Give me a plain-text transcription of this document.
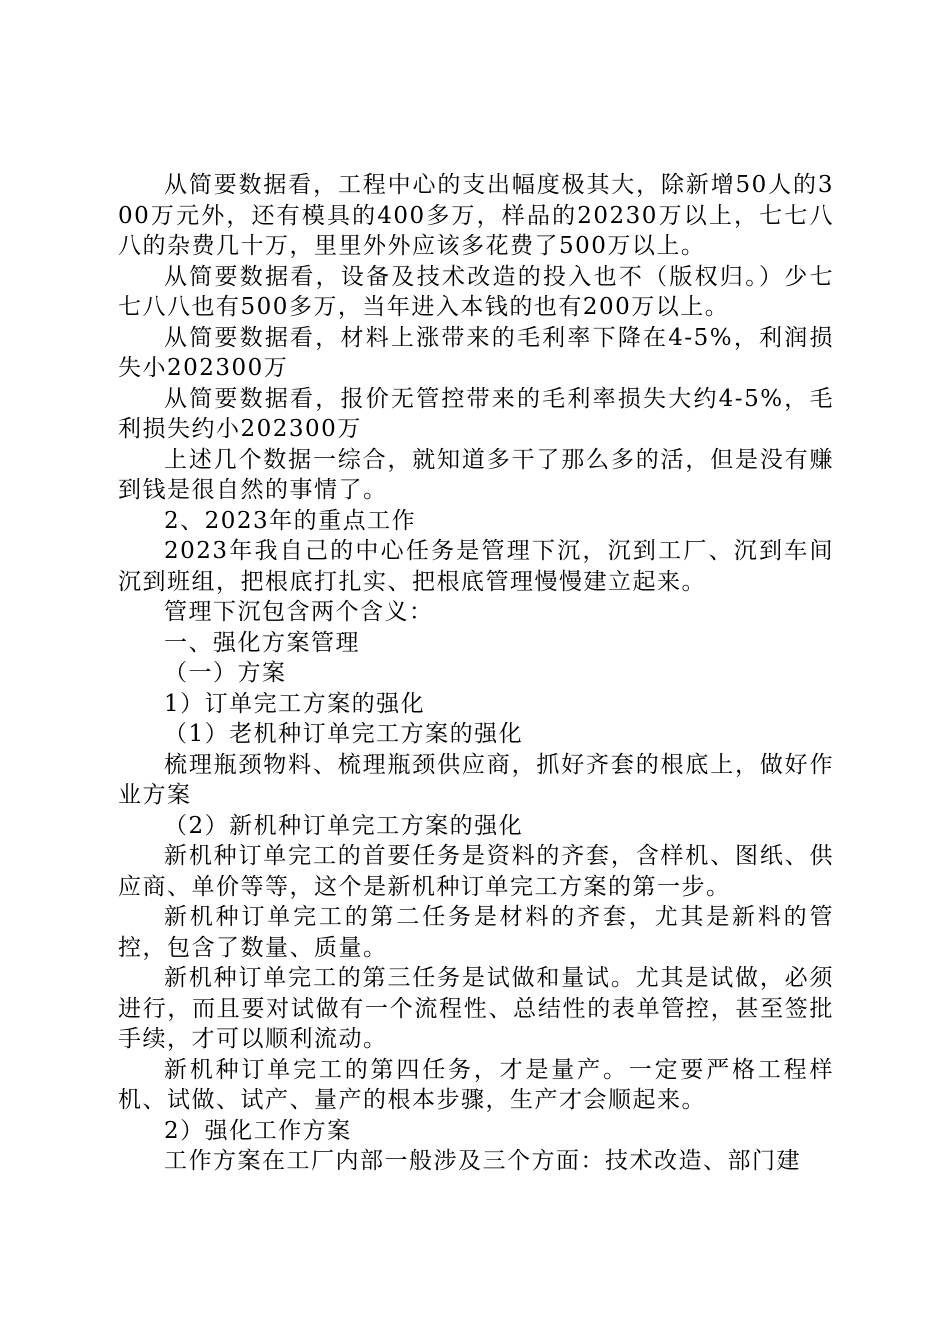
从简要数据看，工程中心的支出幅度极其大，除新增50人的300万元外，还有模具的400多万，样品的20230万以上，七七八八的杂费几十万，里里外外应该多花费了500万以上。

从简要数据看，设备及技术改造的投入也不（版权归。）少七七八八也有500多万，当年进入本钱的也有200万以上。

从简要数据看，材料上涨带来的毛利率下降在4-5%，利润损失小202300万

从简要数据看，报价无管控带来的毛利率损失大约4-5%，毛利损失约小202300万

上述几个数据一综合，就知道多干了那么多的活，但是没有赚到钱是很自然的事情了。

2、2023年的重点工作

2023年我自己的中心任务是管理下沉，沉到工厂、沉到车间沉到班组，把根底打扎实、把根底管理慢慢建立起来。

管理下沉包含两个含义：

一、强化方案管理

（一）方案

1）订单完工方案的强化

（1）老机种订单完工方案的强化

梳理瓶颈物料、梳理瓶颈供应商，抓好齐套的根底上，做好作业方案

（2）新机种订单完工方案的强化

新机种订单完工的首要任务是资料的齐套，含样机、图纸、供应商、单价等等，这个是新机种订单完工方案的第一步。

新机种订单完工的第二任务是材料的齐套，尤其是新料的管控，包含了数量、质量。

新机种订单完工的第三任务是试做和量试。尤其是试做，必须进行，而且要对试做有一个流程性、总结性的表单管控，甚至签批手续，才可以顺利流动。

新机种订单完工的第四任务，才是量产。一定要严格工程样机、试做、试产、量产的根本步骤，生产才会顺起来。

2）强化工作方案

工作方案在工厂内部一般涉及三个方面：技术改造、部门建
